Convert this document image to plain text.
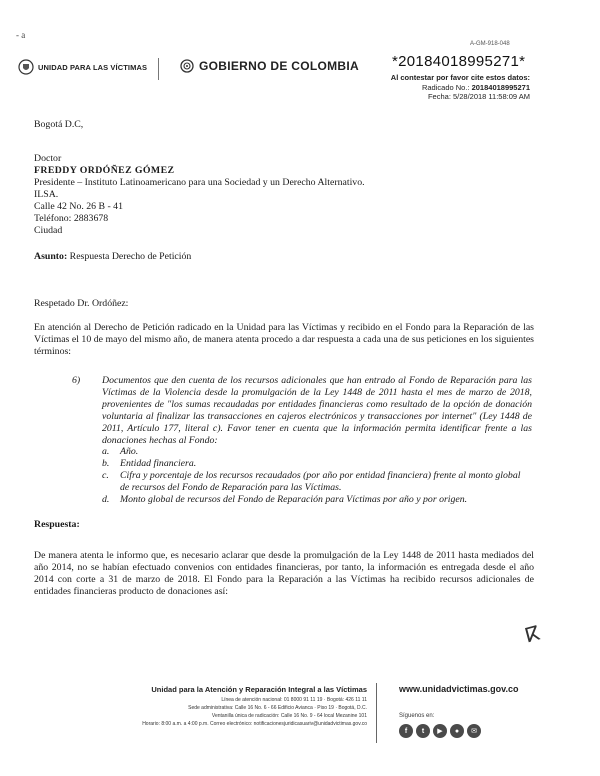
- a
UNIDAD PARA LAS VÍCTIMAS	GOBIERNO DE COLOMBIA
A-GM-918-048
*20184018995271*
Al contestar por favor cite estos datos:
Radicado No.: 20184018995271
Fecha: 5/28/2018 11:58:09 AM
Bogotá D.C,
Doctor
FREDDY ORDÓÑEZ GÓMEZ
Presidente – Instituto Latinoamericano para una Sociedad y un Derecho Alternativo.
ILSA.
Calle 42 No. 26 B - 41
Teléfono: 2883678
Ciudad
Asunto: Respuesta Derecho de Petición
Respetado Dr. Ordóñez:
En atención al Derecho de Petición radicado en la Unidad para las Víctimas y recibido en el Fondo para la Reparación de las Víctimas el 10 de mayo del mismo año, de manera atenta procedo a dar respuesta a cada una de sus peticiones en los siguientes términos:
6) Documentos que den cuenta de los recursos adicionales que han entrado al Fondo de Reparación para las Víctimas de la Violencia desde la promulgación de la Ley 1448 de 2011 hasta el mes de marzo de 2018, provenientes de "los sumas recaudadas por entidades financieras como resultado de la opción de donación voluntaria al finalizar las transacciones en cajeros electrónicos y transacciones por internet" (Ley 1448 de 2011, Artículo 177, literal c). Favor tener en cuenta que la información permita identificar frente a las donaciones hechas al Fondo:
a.	Año.
b.	Entidad financiera.
c.	Cifra y porcentaje de los recursos recaudados (por año por entidad financiera) frente al monto global de recursos del Fondo de Reparación para las Víctimas.
d.	Monto global de recursos del Fondo de Reparación para Víctimas por año y por origen.
Respuesta:
De manera atenta le informo que, es necesario aclarar que desde la promulgación de la Ley 1448 de 2011 hasta mediados del año 2014, no se habían efectuado convenios con entidades financieras, por tanto, la información es entregada desde el año 2014 con corte a 31 de marzo de 2018. El Fondo para la Reparación a las Víctimas ha recibido recursos adicionales de entidades financieras producto de donaciones así:
ⴽ
Unidad para la Atención y Reparación Integral a las Víctimas
Línea de atención nacional: 01 8000 91 11 19 · Bogotá: 426 11 11
Sede administrativa: Calle 16 No. 6 - 66 Edificio Avianca · Piso 19 · Bogotá, D.C.
Ventanilla única de radicación: Calle 16 No. 9 - 64 local Mezanine 101
Horario: 8:00 a.m. a 4:00 p.m. Correo electrónico: notificacionesjuridicasuariv@unidadvictimas.gov.co
www.unidadvictimas.gov.co
Síguenos en:
f	t	▶	●	✉
